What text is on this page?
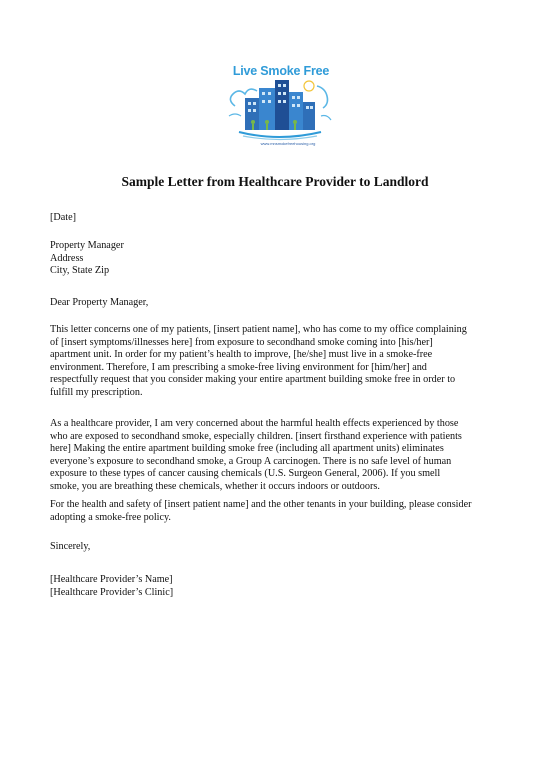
Live Smoke Free
www.mnsmokefreehousing.org
Sample Letter from Healthcare Provider to Landlord
[Date]
Property Manager
Address
City, State Zip
Dear Property Manager,
This letter concerns one of my patients, [insert patient name], who has come to my office complaining
of [insert symptoms/illnesses here] from exposure to secondhand smoke coming into [his/her]
apartment unit. In order for my patient’s health to improve, [he/she] must live in a smoke-free
environment. Therefore, I am prescribing a smoke-free living environment for [him/her] and
respectfully request that you consider making your entire apartment building smoke free in order to
fulfill my prescription.
As a healthcare provider, I am very concerned about the harmful health effects experienced by those
who are exposed to secondhand smoke, especially children. [insert firsthand experience with patients
here] Making the entire apartment building smoke free (including all apartment units) eliminates
everyone’s exposure to secondhand smoke, a Group A carcinogen. There is no safe level of human
exposure to these types of cancer causing chemicals (U.S. Surgeon General, 2006). If you smell
smoke, you are breathing these chemicals, whether it occurs indoors or outdoors.
For the health and safety of [insert patient name] and the other tenants in your building, please consider
adopting a smoke-free policy.
Sincerely,
[Healthcare Provider’s Name]
[Healthcare Provider’s Clinic]
